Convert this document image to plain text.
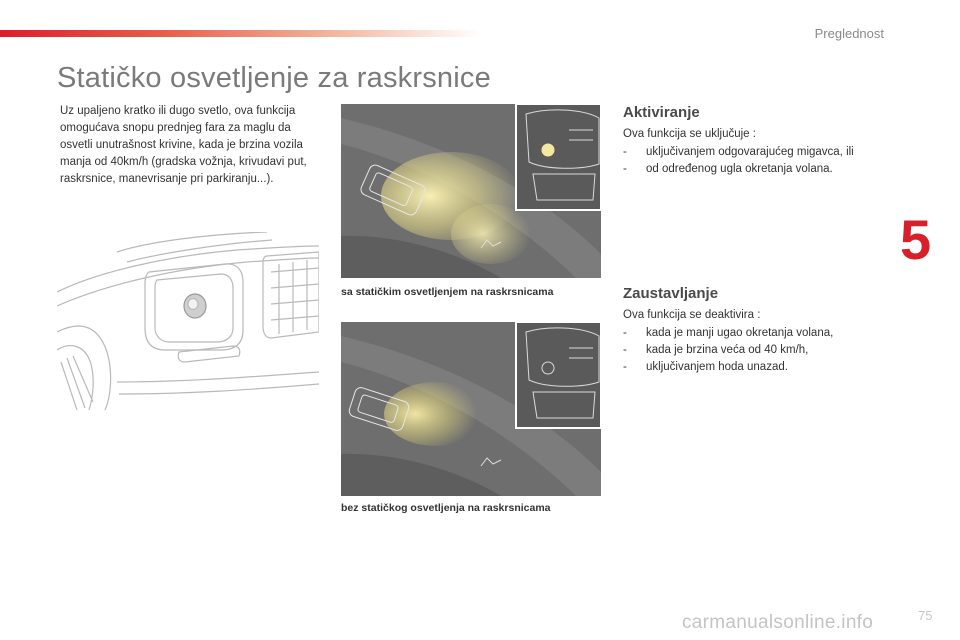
Preglednost
5
Statičko osvetljenje za raskrsnice

Uz upaljeno kratko ili dugo svetlo, ova funkcija omogućava snopu prednjeg fara za maglu da osvetli unutrašnost krivine, kada je brzina vozila manja od 40km/h (gradska vožnja, krivudavi put, raskrsnice, manevrisanje pri parkiranju...).

sa statičkim osvetljenjem na raskrsnicama
bez statičkog osvetljenja na raskrsnicama
Aktiviranje

Ova funkcija se uključuje :

- uključivanjem odgovarajućeg migavca, ili
- od određenog ugla okretanja volana.
Zaustavljanje

Ova funkcija se deaktivira :

- kada je manji ugao okretanja volana,
- kada je brzina veća od 40 km/h,
- uključivanjem hoda unazad.
75
carmanualsonline.info
